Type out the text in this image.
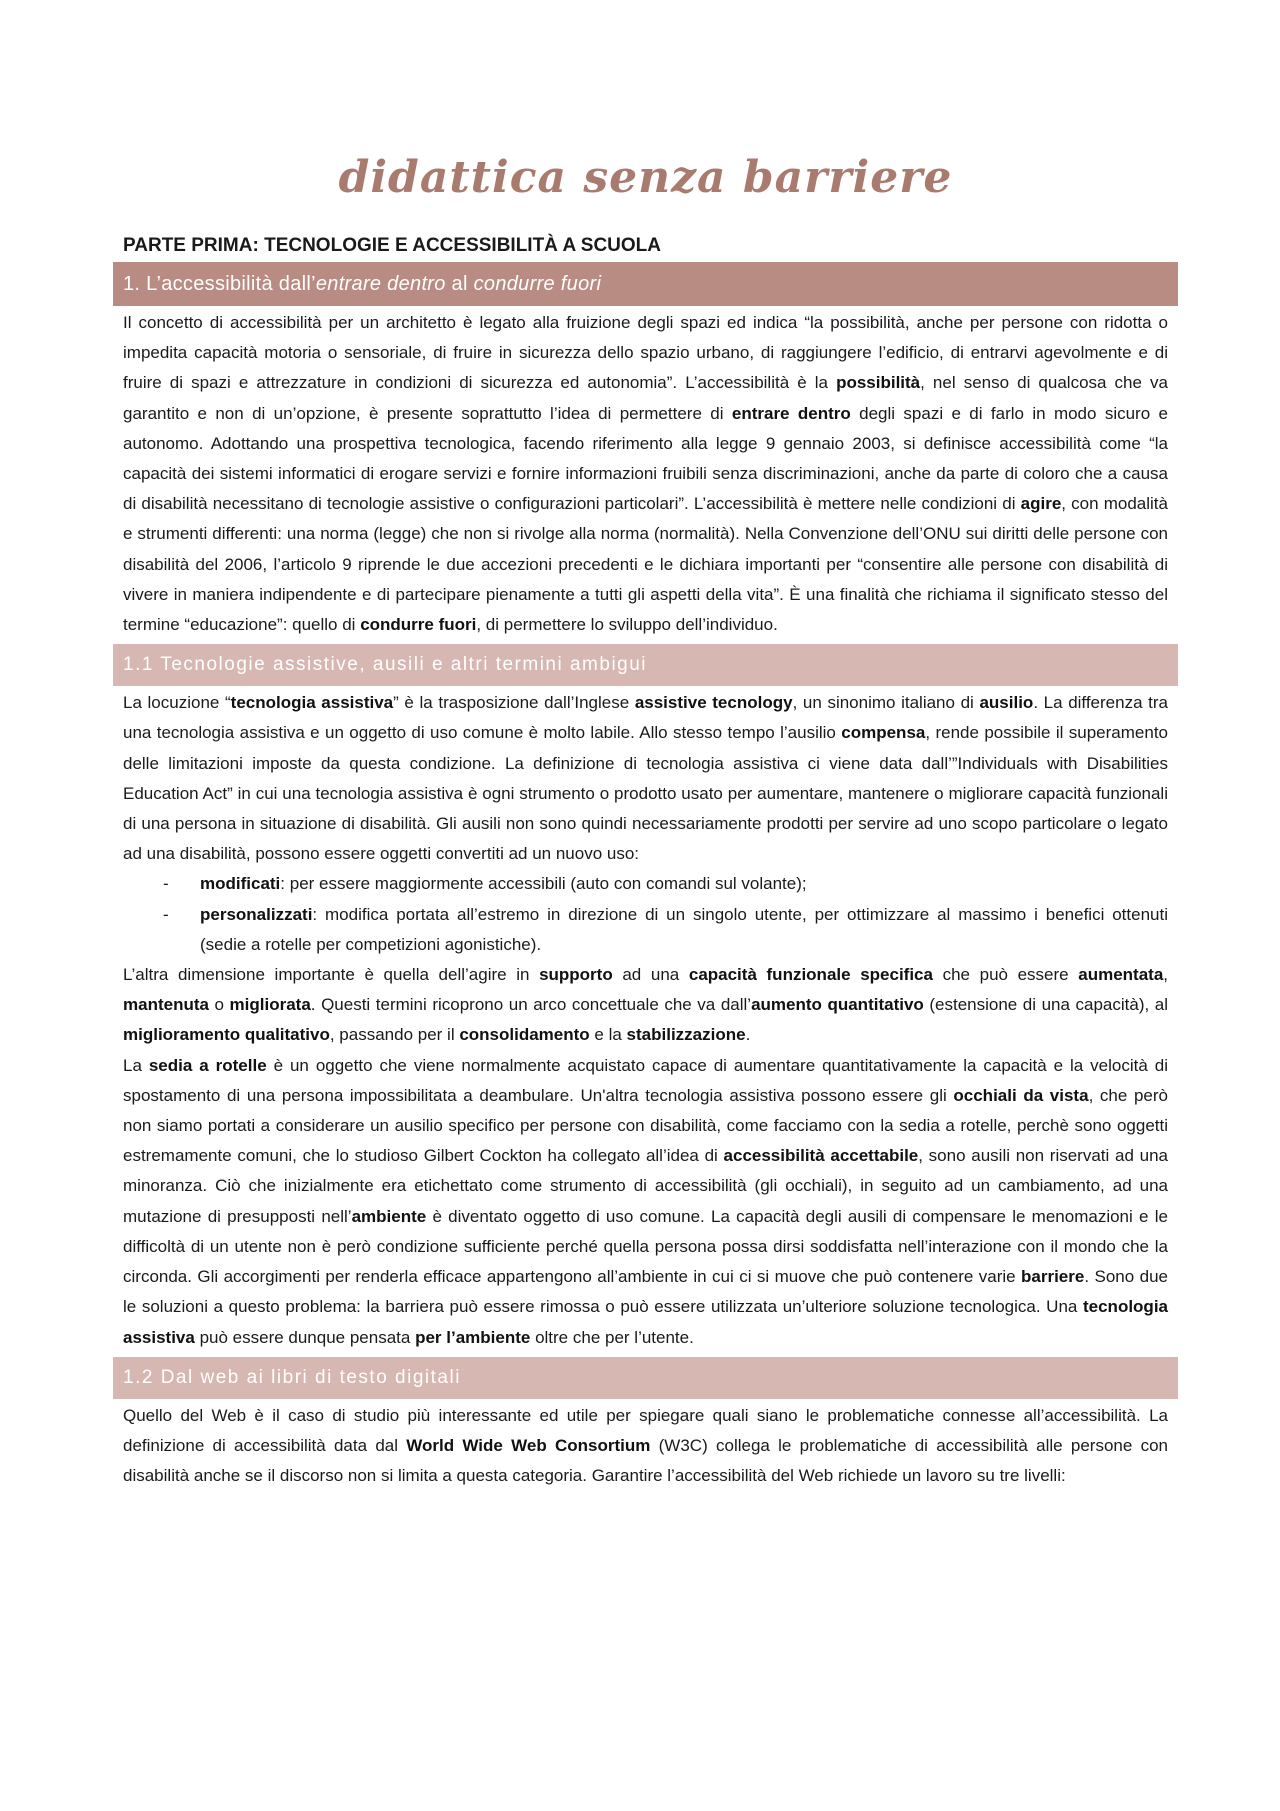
didattica senza barriere
PARTE PRIMA: TECNOLOGIE E ACCESSIBILITÀ A SCUOLA
1. L’accessibilità dall’entrare dentro al condurre fuori

Il concetto di accessibilità per un architetto è legato alla fruizione degli spazi ed indica “la possibilità, anche per persone con ridotta o impedita capacità motoria o sensoriale, di fruire in sicurezza dello spazio urbano, di raggiungere l’edificio, di entrarvi agevolmente e di fruire di spazi e attrezzature in condizioni di sicurezza ed autonomia”. L’accessibilità è la possibilità, nel senso di qualcosa che va garantito e non di un’opzione, è presente soprattutto l’idea di permettere di entrare dentro degli spazi e di farlo in modo sicuro e autonomo. Adottando una prospettiva tecnologica, facendo riferimento alla legge 9 gennaio 2003, si definisce accessibilità come “la capacità dei sistemi informatici di erogare servizi e fornire informazioni fruibili senza discriminazioni, anche da parte di coloro che a causa di disabilità necessitano di tecnologie assistive o configurazioni particolari”. L’accessibilità è mettere nelle condizioni di agire, con modalità e strumenti differenti: una norma (legge) che non si rivolge alla norma (normalità). Nella Convenzione dell’ONU sui diritti delle persone con disabilità del 2006, l’articolo 9 riprende le due accezioni precedenti e le dichiara importanti per “consentire alle persone con disabilità di vivere in maniera indipendente e di partecipare pienamente a tutti gli aspetti della vita”. È una finalità che richiama il significato stesso del termine “educazione”: quello di condurre fuori, di permettere lo sviluppo dell’individuo.

1.1 Tecnologie assistive, ausili e altri termini ambigui

La locuzione “tecnologia assistiva” è la trasposizione dall’Inglese assistive tecnology, un sinonimo italiano di ausilio. La differenza tra una tecnologia assistiva e un oggetto di uso comune è molto labile. Allo stesso tempo l’ausilio compensa, rende possibile il superamento delle limitazioni imposte da questa condizione. La definizione di tecnologia assistiva ci viene data dall’”Individuals with Disabilities Education Act” in cui una tecnologia assistiva è ogni strumento o prodotto usato per aumentare, mantenere o migliorare capacità funzionali di una persona in situazione di disabilità. Gli ausili non sono quindi necessariamente prodotti per servire ad uno scopo particolare o legato ad una disabilità, possono essere oggetti convertiti ad un nuovo uso:

- modificati: per essere maggiormente accessibili (auto con comandi sul volante);
- personalizzati: modifica portata all’estremo in direzione di un singolo utente, per ottimizzare al massimo i benefici ottenuti (sedie a rotelle per competizioni agonistiche).

L’altra dimensione importante è quella dell’agire in supporto ad una capacità funzionale specifica che può essere aumentata, mantenuta o migliorata. Questi termini ricoprono un arco concettuale che va dall’aumento quantitativo (estensione di una capacità), al miglioramento qualitativo, passando per il consolidamento e la stabilizzazione.

La sedia a rotelle è un oggetto che viene normalmente acquistato capace di aumentare quantitativamente la capacità e la velocità di spostamento di una persona impossibilitata a deambulare. Un'altra tecnologia assistiva possono essere gli occhiali da vista, che però non siamo portati a considerare un ausilio specifico per persone con disabilità, come facciamo con la sedia a rotelle, perchè sono oggetti estremamente comuni, che lo studioso Gilbert Cockton ha collegato all’idea di accessibilità accettabile, sono ausili non riservati ad una minoranza. Ciò che inizialmente era etichettato come strumento di accessibilità (gli occhiali), in seguito ad un cambiamento, ad una mutazione di presupposti nell’ambiente è diventato oggetto di uso comune. La capacità degli ausili di compensare le menomazioni e le difficoltà di un utente non è però condizione sufficiente perché quella persona possa dirsi soddisfatta nell’interazione con il mondo che la circonda. Gli accorgimenti per renderla efficace appartengono all’ambiente in cui ci si muove che può contenere varie barriere. Sono due le soluzioni a questo problema: la barriera può essere rimossa o può essere utilizzata un’ulteriore soluzione tecnologica. Una tecnologia assistiva può essere dunque pensata per l’ambiente oltre che per l’utente.

1.2 Dal web ai libri di testo digitali

Quello del Web è il caso di studio più interessante ed utile per spiegare quali siano le problematiche connesse all’accessibilità. La definizione di accessibilità data dal World Wide Web Consortium (W3C) collega le problematiche di accessibilità alle persone con disabilità anche se il discorso non si limita a questa categoria. Garantire l’accessibilità del Web richiede un lavoro su tre livelli:
